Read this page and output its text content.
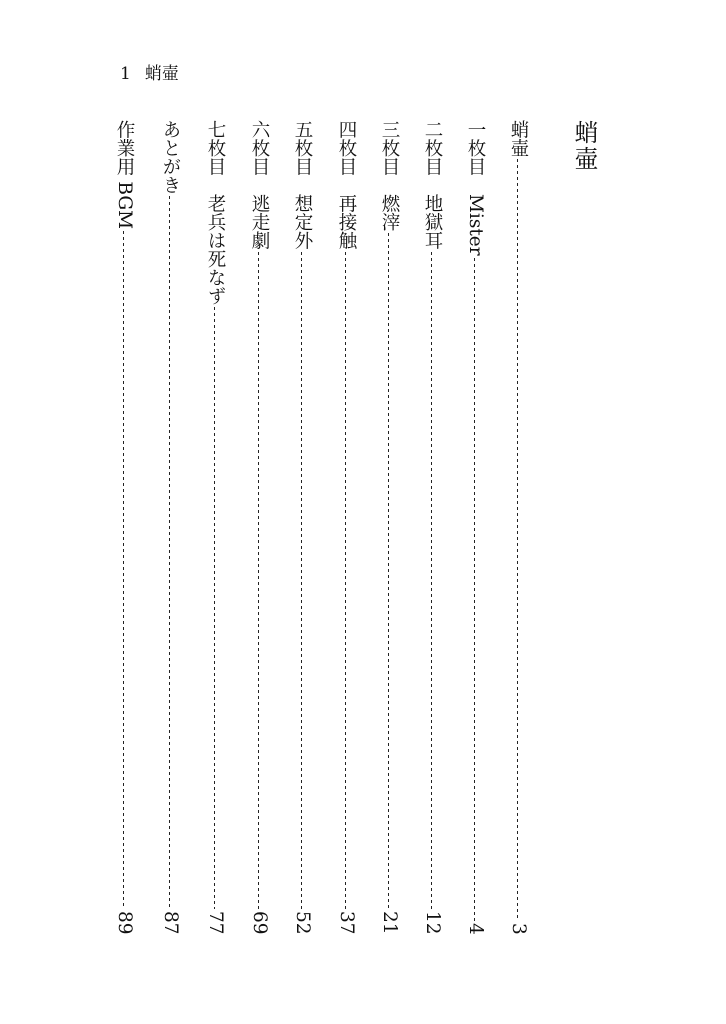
1 蛸壷
蛸壷
蛸壷
3
一枚目　Mister
4
二枚目　地獄耳
12
三枚目　燃滓
21
四枚目　再接触
37
五枚目　想定外
52
六枚目　逃走劇
69
七枚目　老兵は死なず
77
あとがき
87
作業用 BGM
89
